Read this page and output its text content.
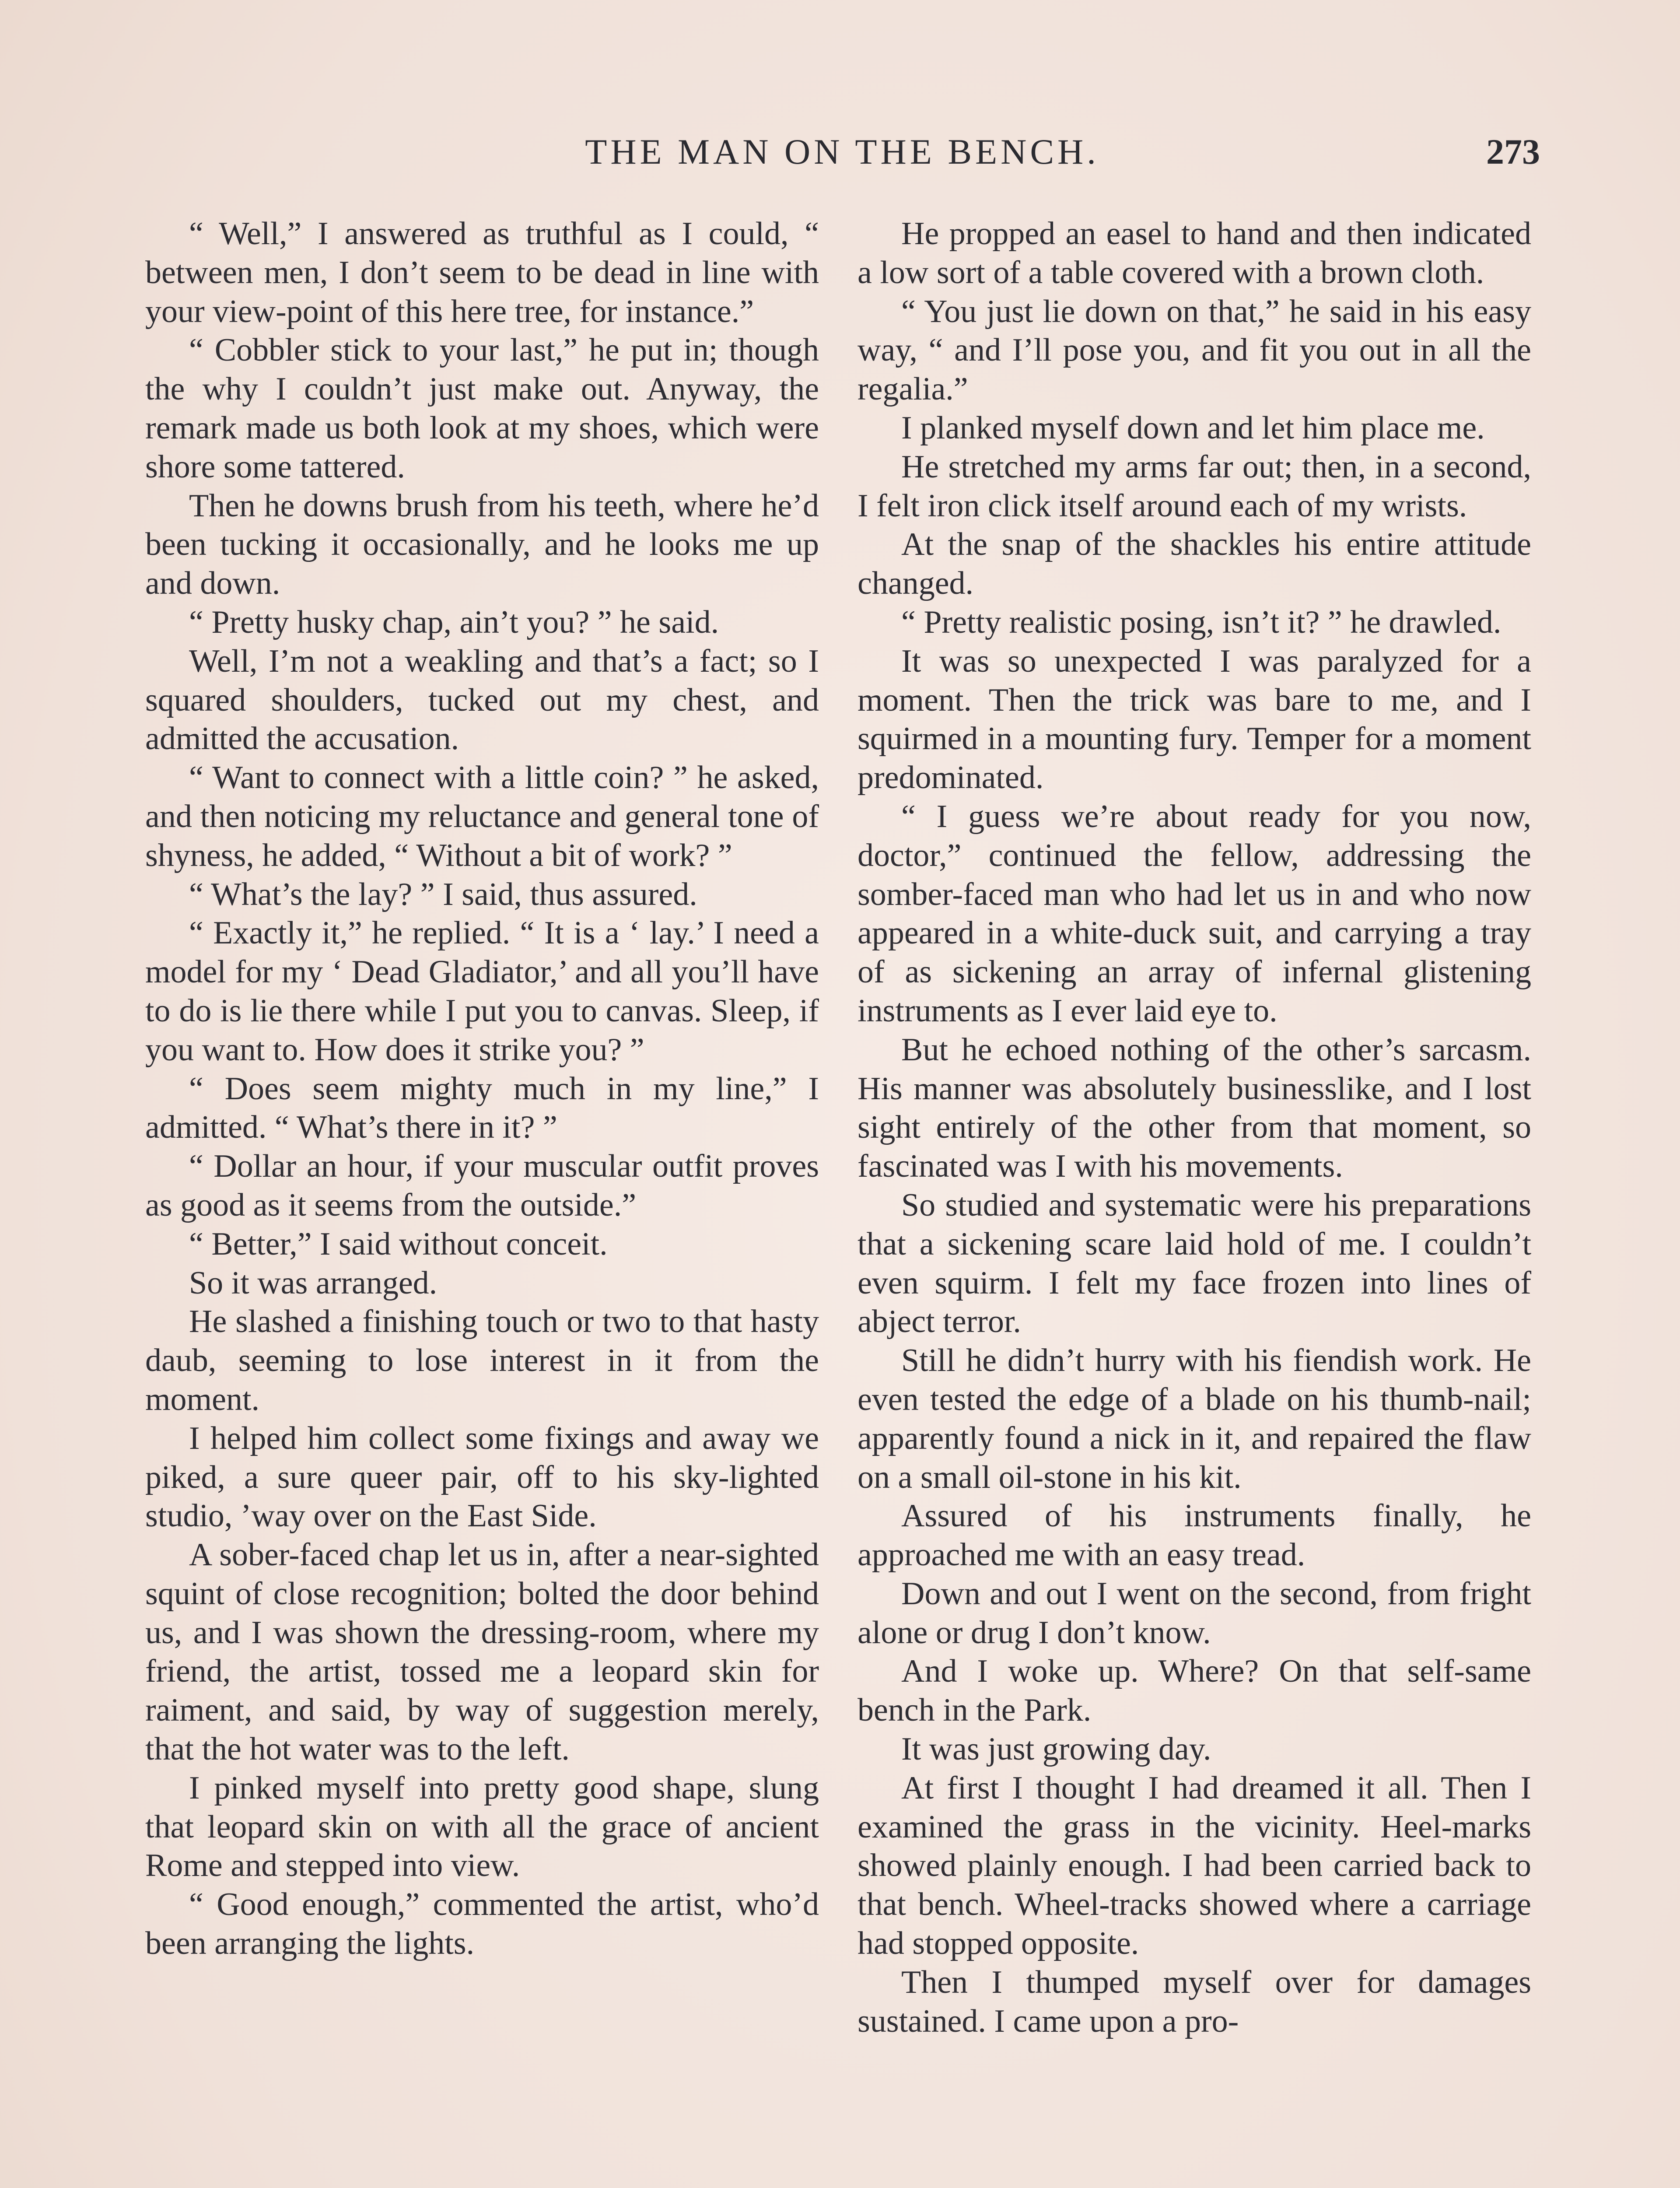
THE MAN ON THE BENCH.	273

“ Well,” I answered as truthful as I could, “ between men, I don’t seem to be dead in line with your view-point of this here tree, for instance.”

“ Cobbler stick to your last,” he put in; though the why I couldn’t just make out. Anyway, the remark made us both look at my shoes, which were shore some tattered.

Then he downs brush from his teeth, where he’d been tucking it occasionally, and he looks me up and down.

“ Pretty husky chap, ain’t you? ” he said.

Well, I’m not a weakling and that’s a fact; so I squared shoulders, tucked out my chest, and admitted the accusation.

“ Want to connect with a little coin? ” he asked, and then noticing my reluctance and general tone of shyness, he added, “ Without a bit of work? ”

“ What’s the lay? ” I said, thus assured.

“ Exactly it,” he replied. “ It is a ‘ lay.’ I need a model for my ‘ Dead Gladiator,’ and all you’ll have to do is lie there while I put you to canvas. Sleep, if you want to. How does it strike you? ”

“ Does seem mighty much in my line,” I admitted. “ What’s there in it? ”

“ Dollar an hour, if your muscular outfit proves as good as it seems from the outside.”

“ Better,” I said without conceit.

So it was arranged.

He slashed a finishing touch or two to that hasty daub, seeming to lose interest in it from the moment.

I helped him collect some fixings and away we piked, a sure queer pair, off to his sky-lighted studio, ’way over on the East Side.

A sober-faced chap let us in, after a near-sighted squint of close recognition; bolted the door behind us, and I was shown the dressing-room, where my friend, the artist, tossed me a leopard skin for raiment, and said, by way of suggestion merely, that the hot water was to the left.

I pinked myself into pretty good shape, slung that leopard skin on with all the grace of ancient Rome and stepped into view.

“ Good enough,” commented the artist, who’d been arranging the lights.

He propped an easel to hand and then indicated a low sort of a table covered with a brown cloth.

“ You just lie down on that,” he said in his easy way, “ and I’ll pose you, and fit you out in all the regalia.”

I planked myself down and let him place me.

He stretched my arms far out; then, in a second, I felt iron click itself around each of my wrists.

At the snap of the shackles his entire attitude changed.

“ Pretty realistic posing, isn’t it? ” he drawled.

It was so unexpected I was paralyzed for a moment. Then the trick was bare to me, and I squirmed in a mounting fury. Temper for a moment predominated.

“ I guess we’re about ready for you now, doctor,” continued the fellow, addressing the somber-faced man who had let us in and who now appeared in a white-duck suit, and carrying a tray of as sickening an array of infernal glistening instruments as I ever laid eye to.

But he echoed nothing of the other’s sarcasm. His manner was absolutely businesslike, and I lost sight entirely of the other from that moment, so fascinated was I with his movements.

So studied and systematic were his preparations that a sickening scare laid hold of me. I couldn’t even squirm. I felt my face frozen into lines of abject terror.

Still he didn’t hurry with his fiendish work. He even tested the edge of a blade on his thumb-nail; apparently found a nick in it, and repaired the flaw on a small oil-stone in his kit.

Assured of his instruments finally, he approached me with an easy tread.

Down and out I went on the second, from fright alone or drug I don’t know.

And I woke up. Where? On that self-same bench in the Park.

It was just growing day.

At first I thought I had dreamed it all. Then I examined the grass in the vicinity. Heel-marks showed plainly enough. I had been carried back to that bench. Wheel-tracks showed where a carriage had stopped opposite.

Then I thumped myself over for damages sustained. I came upon a pro-
